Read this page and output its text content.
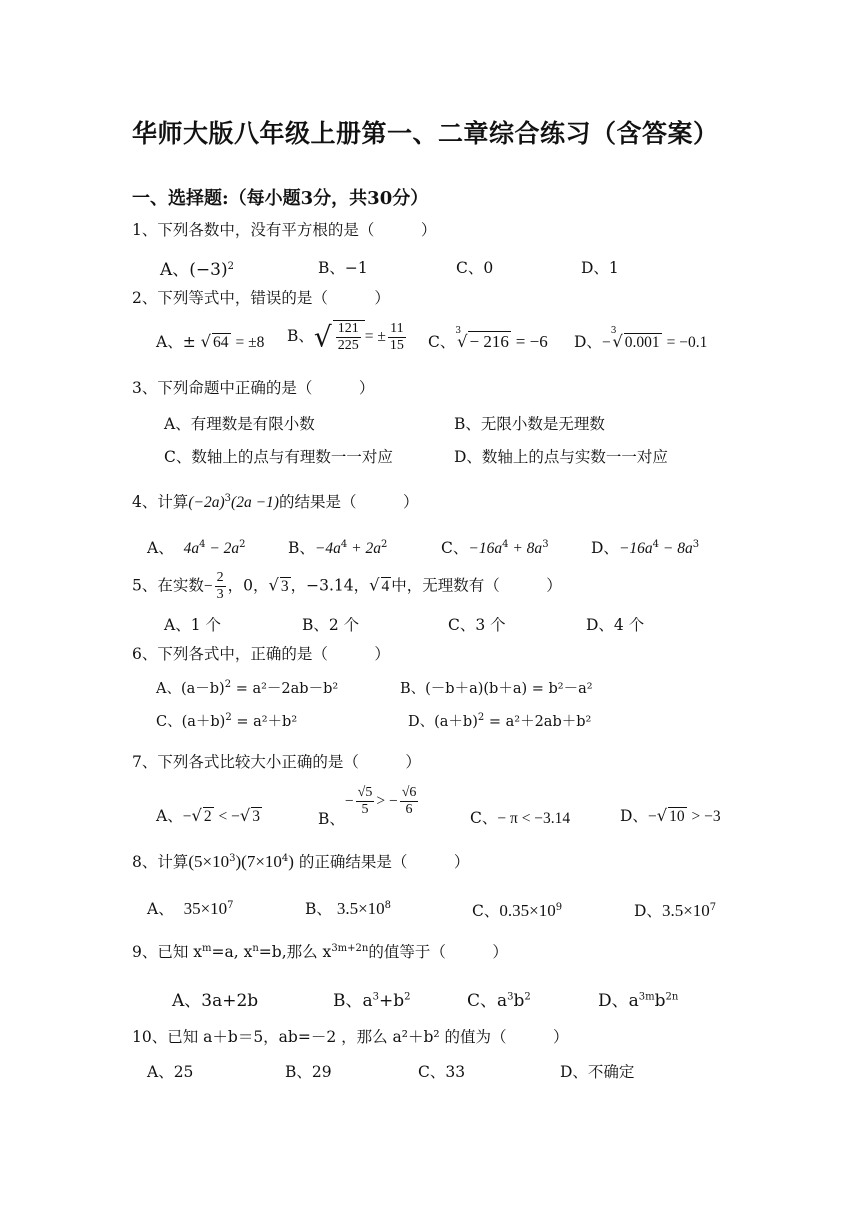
华师大版八年级上册第一、二章综合练习（含答案）
一、选择题:（每小题3分，共30分）
1、下列各数中，没有平方根的是（　　　）
A、$(-3)^2$	B、−1	C、0	D、1
2、下列等式中，错误的是（　　　）
A、± √ 64 = ±8 B、√ $\frac{121}{225}$ = ± $\frac{11}{15}$ C、$^3$√ − 216 = −6 D、−$^3$√ 0.001 = −0.1
3、下列命题中正确的是（　　　）
A、有理数是有限小数	B、无限小数是无理数
C、数轴上的点与有理数一一对应	D、数轴上的点与实数一一对应
4、计算$(-2a)^3(2a -1)$的结果是（　　　）
A、 $4a^4 - 2a^2$	B、$-4a^4 + 2a^2$	C、$-16a^4 + 8a^3$	D、$-16a^4 - 8a^3$
5、在实数− $\frac{2}{3}$ ，0，√ 3 ，−3.14，√ 4 中，无理数有（　　　）
A、1 个	B、2 个	C、3 个	D、4 个
6、下列各式中，正确的是（　　　）
A、$(a-b)^2 = a^2-2ab-b^2$	B、(－b＋a)(b＋a) = b²－a²
C、$(a+b)^2 = a^2+b^2$	D、$(a+b)^2 = a^2+2ab+b^2$
7、下列各式比较大小正确的是（　　　）
A、−√ 2 < −√ 3	B、− $\frac{√5}{5}$ > − $\frac{√6}{6}$	C、− π < −3.14	D、−√ 10 > −3
8、计算$(5\times 10^3)(7\times 10^4)$ 的正确结果是（　　　）
A、 $35\times 10^7$	B、 $3.5\times 10^8$	C、$0.35\times 10^9$	D、$3.5\times 10^7$
9、已知 $x^m=a$, $x^n=b$,那么 $x^{3m+2n}$的值等于（　　　）
A、3a+2b	B、$a^3+b^2$	C、$a^3b^2$	D、$a^{3m}b^{2n}$
10、已知 a＋b＝5，ab=－2 ，那么 a²＋b² 的值为（　　　）
A、25	B、29	C、33	D、不确定
